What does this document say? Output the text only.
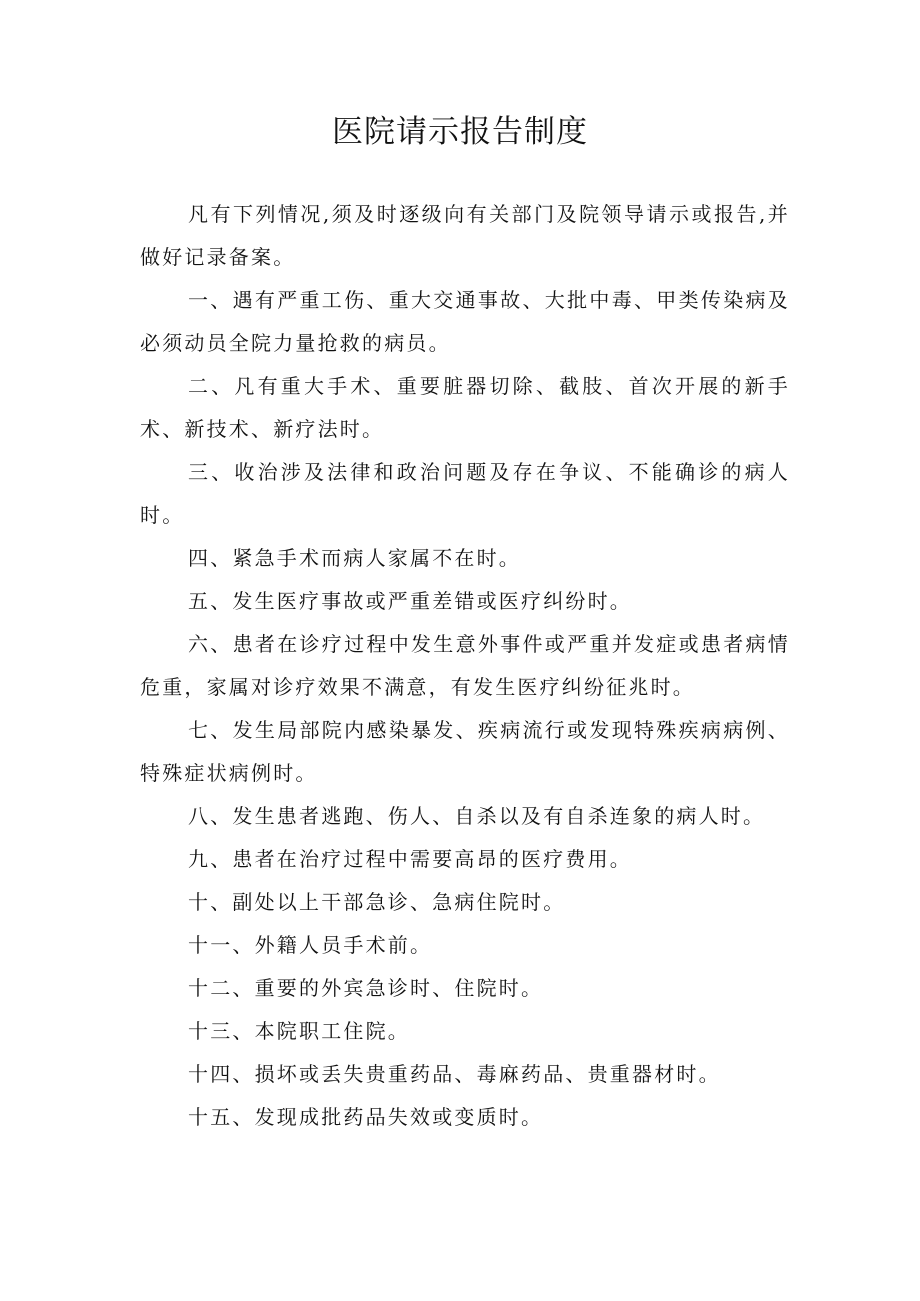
医院请示报告制度

凡有下列情况,须及时逐级向有关部门及院领导请示或报告,并做好记录备案。

一、遇有严重工伤、重大交通事故、大批中毒、甲类传染病及必须动员全院力量抢救的病员。

二、凡有重大手术、重要脏器切除、截肢、首次开展的新手术、新技术、新疗法时。

三、收治涉及法律和政治问题及存在争议、不能确诊的病人时。

四、紧急手术而病人家属不在时。

五、发生医疗事故或严重差错或医疗纠纷时。

六、患者在诊疗过程中发生意外事件或严重并发症或患者病情危重，家属对诊疗效果不满意，有发生医疗纠纷征兆时。

七、发生局部院内感染暴发、疾病流行或发现特殊疾病病例、特殊症状病例时。

八、发生患者逃跑、伤人、自杀以及有自杀连象的病人时。

九、患者在治疗过程中需要高昂的医疗费用。

十、副处以上干部急诊、急病住院时。

十一、外籍人员手术前。

十二、重要的外宾急诊时、住院时。

十三、本院职工住院。

十四、损坏或丢失贵重药品、毒麻药品、贵重器材时。

十五、发现成批药品失效或变质时。
